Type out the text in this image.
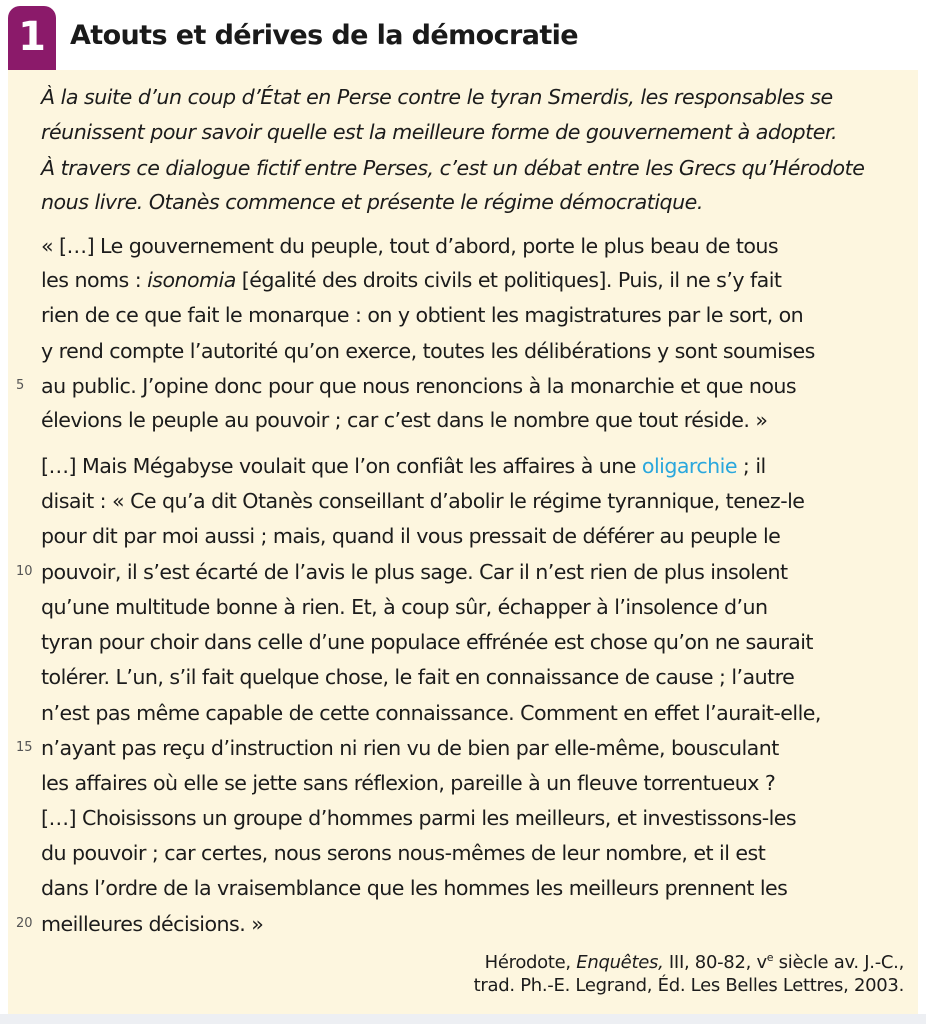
1 Atouts et dérives de la démocratie
À la suite d’un coup d’État en Perse contre le tyran Smerdis, les responsables se
réunissent pour savoir quelle est la meilleure forme de gouvernement à adopter.
À travers ce dialogue fictif entre Perses, c’est un débat entre les Grecs qu’Hérodote
nous livre. Otanès commence et présente le régime démocratique.
« […] Le gouvernement du peuple, tout d’abord, porte le plus beau de tous
les noms : isonomia [égalité des droits civils et politiques]. Puis, il ne s’y fait
rien de ce que fait le monarque : on y obtient les magistratures par le sort, on
y rend compte l’autorité qu’on exerce, toutes les délibérations y sont soumises
5 au public. J’opine donc pour que nous renoncions à la monarchie et que nous
élevions le peuple au pouvoir ; car c’est dans le nombre que tout réside. »
[…] Mais Mégabyse voulait que l’on confiât les affaires à une oligarchie ; il
disait : « Ce qu’a dit Otanès conseillant d’abolir le régime tyrannique, tenez-le
pour dit par moi aussi ; mais, quand il vous pressait de déférer au peuple le
10 pouvoir, il s’est écarté de l’avis le plus sage. Car il n’est rien de plus insolent
qu’une multitude bonne à rien. Et, à coup sûr, échapper à l’insolence d’un
tyran pour choir dans celle d’une populace effrénée est chose qu’on ne saurait
tolérer. L’un, s’il fait quelque chose, le fait en connaissance de cause ; l’autre
n’est pas même capable de cette connaissance. Comment en effet l’aurait-elle,
15 n’ayant pas reçu d’instruction ni rien vu de bien par elle-même, bousculant
les affaires où elle se jette sans réflexion, pareille à un fleuve torrentueux ?
[…] Choisissons un groupe d’hommes parmi les meilleurs, et investissons-les
du pouvoir ; car certes, nous serons nous-mêmes de leur nombre, et il est
dans l’ordre de la vraisemblance que les hommes les meilleurs prennent les
20 meilleures décisions. »
Hérodote, Enquêtes, III, 80-82, $v^e$ siècle av. J.-C.,
trad. Ph.-E. Legrand, Éd. Les Belles Lettres, 2003.
